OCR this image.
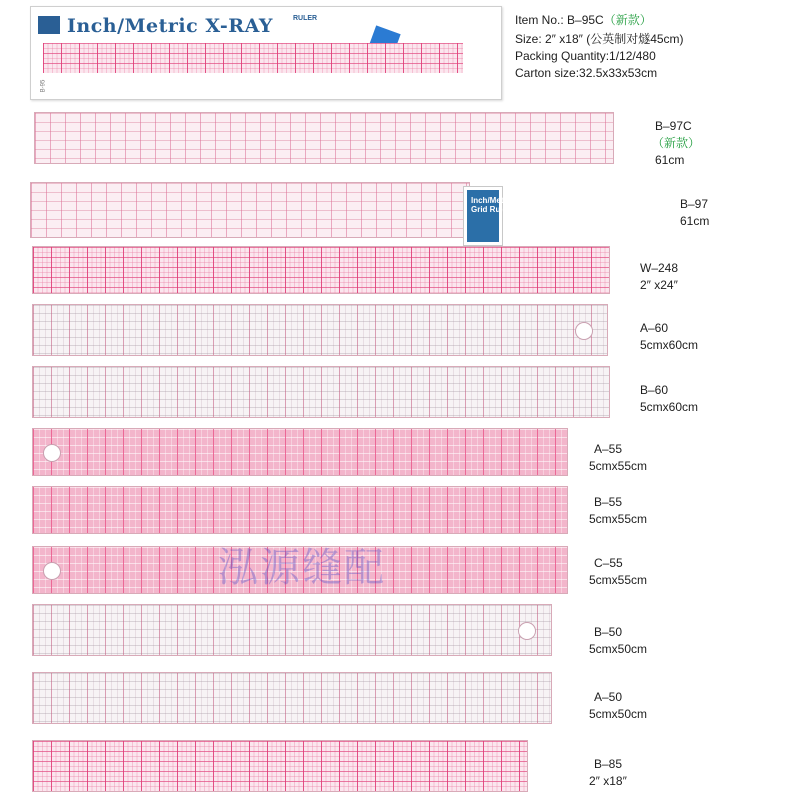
Inch/Metric X-RAY	RULER
B-95
Item No.: B–95C（新款）
Size: 2″ x18″ (公英制对燧45cm)
Packing Quantity:1/12/480
Carton size:32.5x33x53cm
B–97C
（新款）
61cm
Inch/Metric Grid Ruler	B–97
61cm
W–248
2″ x24″
A–60
5cmx60cm
B–60
5cmx60cm
A–55
5cmx55cm
B–55
5cmx55cm
泓源缝配	C–55
5cmx55cm
B–50
5cmx50cm
A–50
5cmx50cm
B–85
2″ x18″
